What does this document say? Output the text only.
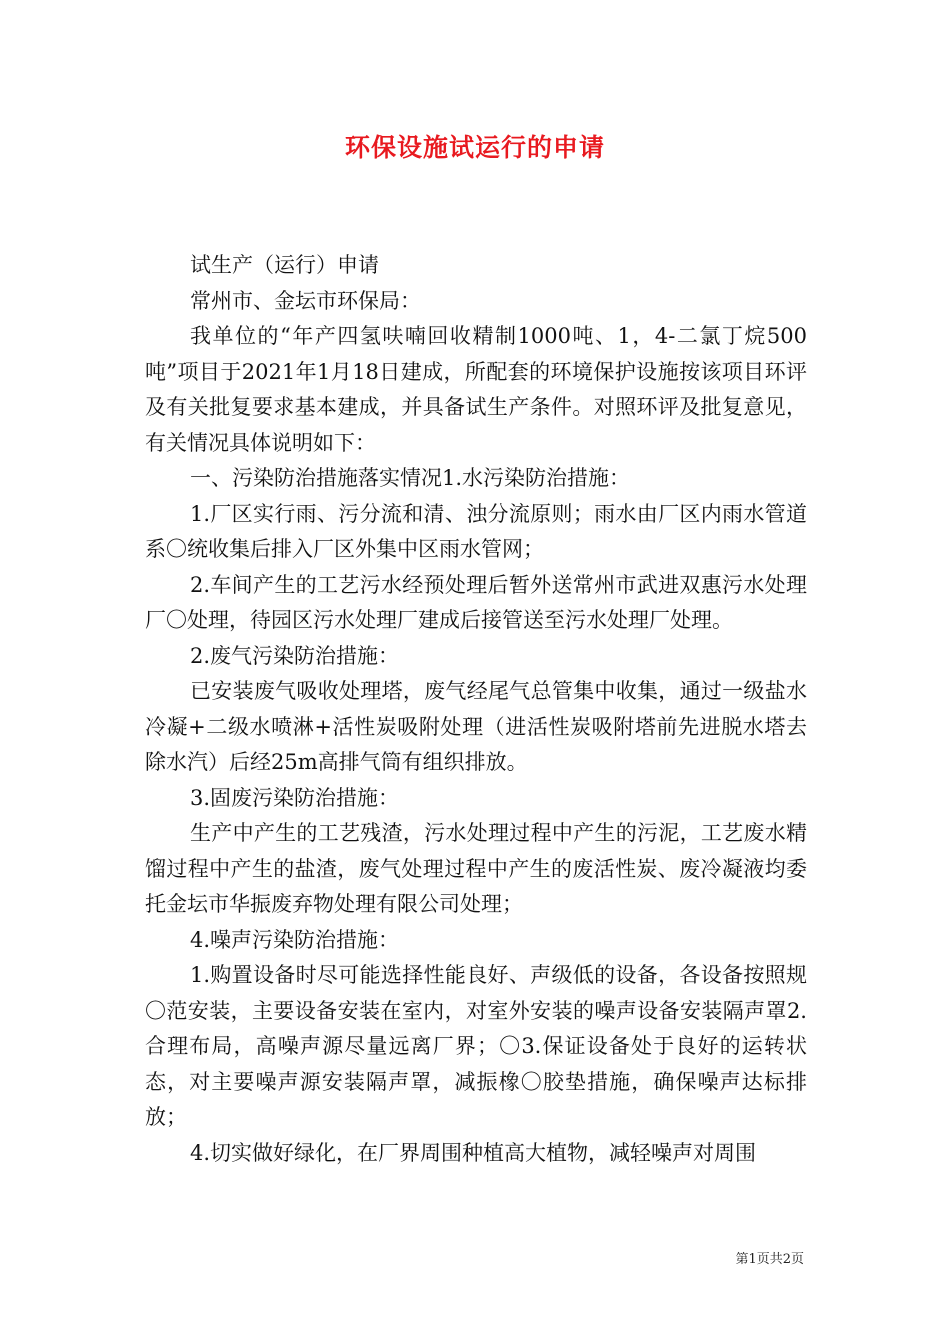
环保设施试运行的申请

试生产（运行）申请

常州市、金坛市环保局：

我单位的“年产四氢呋喃回收精制1000吨、1，4-二氯丁烷500吨”项目于2021年1月18日建成，所配套的环境保护设施按该项目环评及有关批复要求基本建成，并具备试生产条件。对照环评及批复意见，有关情况具体说明如下：

一、污染防治措施落实情况1.水污染防治措施：

1.厂区实行雨、污分流和清、浊分流原则；雨水由厂区内雨水管道系〇统收集后排入厂区外集中区雨水管网；

2.车间产生的工艺污水经预处理后暂外送常州市武进双惠污水处理厂〇处理，待园区污水处理厂建成后接管送至污水处理厂处理。

2.废气污染防治措施：

已安装废气吸收处理塔，废气经尾气总管集中收集，通过一级盐水冷凝+二级水喷淋+活性炭吸附处理（进活性炭吸附塔前先进脱水塔去除水汽）后经25m高排气筒有组织排放。

3.固废污染防治措施：

生产中产生的工艺残渣，污水处理过程中产生的污泥，工艺废水精馏过程中产生的盐渣，废气处理过程中产生的废活性炭、废冷凝液均委托金坛市华振废弃物处理有限公司处理；

4.噪声污染防治措施：

1.购置设备时尽可能选择性能良好、声级低的设备，各设备按照规〇范安装，主要设备安装在室内，对室外安装的噪声设备安装隔声罩2.合理布局，高噪声源尽量远离厂界；〇3.保证设备处于良好的运转状态，对主要噪声源安装隔声罩，减振橡〇胶垫措施，确保噪声达标排放；

4.切实做好绿化，在厂界周围种植高大植物，减轻噪声对周围

第1页共2页
